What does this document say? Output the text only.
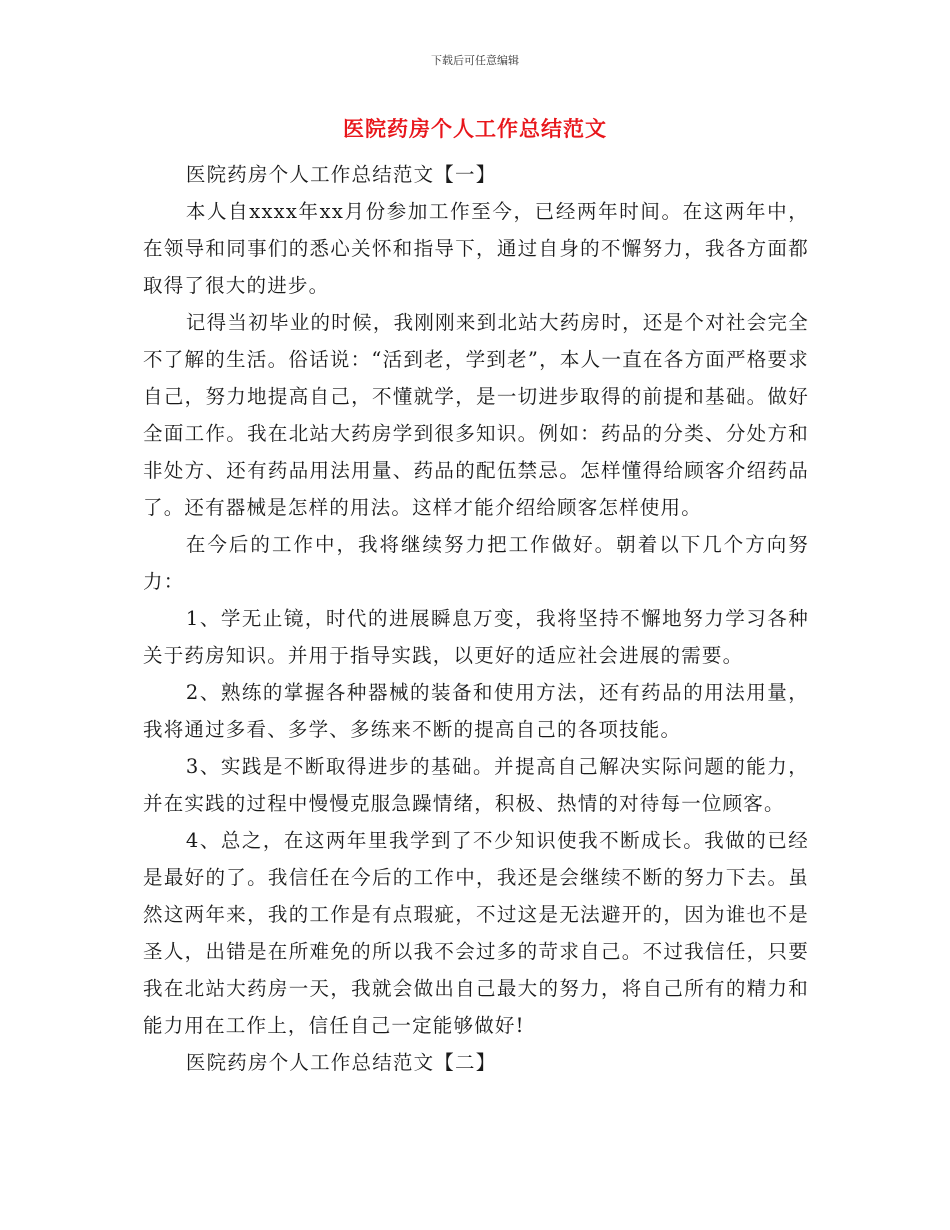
下载后可任意编辑
医院药房个人工作总结范文

医院药房个人工作总结范文【一】

本人自xxxx年xx月份参加工作至今，已经两年时间。在这两年中，在领导和同事们的悉心关怀和指导下，通过自身的不懈努力，我各方面都取得了很大的进步。

记得当初毕业的时候，我刚刚来到北站大药房时，还是个对社会完全不了解的生活。俗话说：“活到老，学到老”，本人一直在各方面严格要求自己，努力地提高自己，不懂就学，是一切进步取得的前提和基础。做好全面工作。我在北站大药房学到很多知识。例如：药品的分类、分处方和非处方、还有药品用法用量、药品的配伍禁忌。怎样懂得给顾客介绍药品了。还有器械是怎样的用法。这样才能介绍给顾客怎样使用。

在今后的工作中，我将继续努力把工作做好。朝着以下几个方向努力：

1、学无止镜，时代的进展瞬息万变，我将坚持不懈地努力学习各种关于药房知识。并用于指导实践，以更好的适应社会进展的需要。

2、熟练的掌握各种器械的装备和使用方法，还有药品的用法用量，我将通过多看、多学、多练来不断的提高自己的各项技能。

3、实践是不断取得进步的基础。并提高自己解决实际问题的能力，并在实践的过程中慢慢克服急躁情绪，积极、热情的对待每一位顾客。

4、总之，在这两年里我学到了不少知识使我不断成长。我做的已经是最好的了。我信任在今后的工作中，我还是会继续不断的努力下去。虽然这两年来，我的工作是有点瑕疵，不过这是无法避开的，因为谁也不是圣人，出错是在所难免的所以我不会过多的苛求自己。不过我信任，只要我在北站大药房一天，我就会做出自己最大的努力，将自己所有的精力和能力用在工作上，信任自己一定能够做好!

医院药房个人工作总结范文【二】
